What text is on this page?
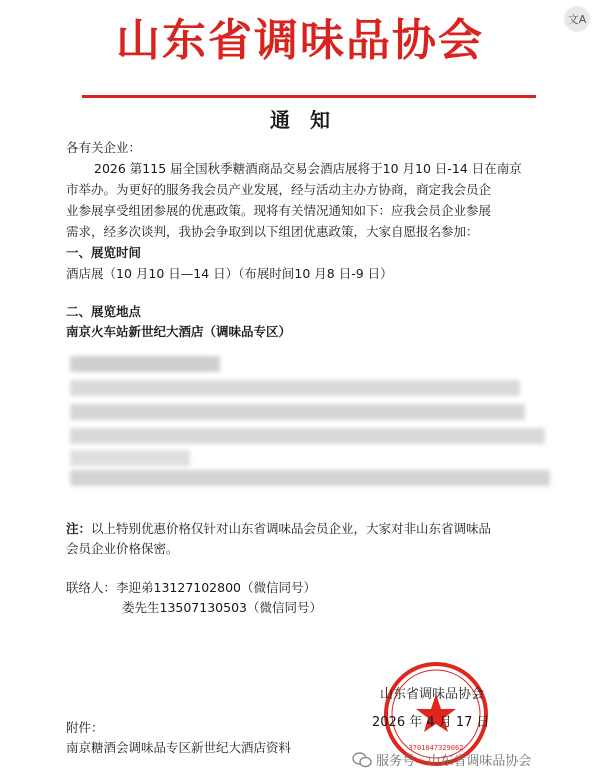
山东省调味品协会	文A
通知
各有关企业：
2026 第115 届全国秋季糖酒商品交易会酒店展将于10 月10 日-14 日在南京
市举办。为更好的服务我会员产业发展，经与活动主办方协商，商定我会员企
业参展享受组团参展的优惠政策。现将有关情况通知如下：应我会员企业参展
需求，经多次谈判，我协会争取到以下组团优惠政策，大家自愿报名参加：
一、展览时间
酒店展（10 月10 日—14 日）（布展时间10 月8 日-9 日）
二、展览地点
南京火车站新世纪大酒店（调味品专区）
注：以上特别优惠价格仅针对山东省调味品会员企业，大家对非山东省调味品
会员企业价格保密。
联络人：李迎弟13127102800（微信同号）
娄先生13507130503（微信同号）
3701047329062
山东省调味品协会
2026 年 4 月 17 日
附件：
南京糖酒会调味品专区新世纪大酒店资料
服务号 · 山东省调味品协会
